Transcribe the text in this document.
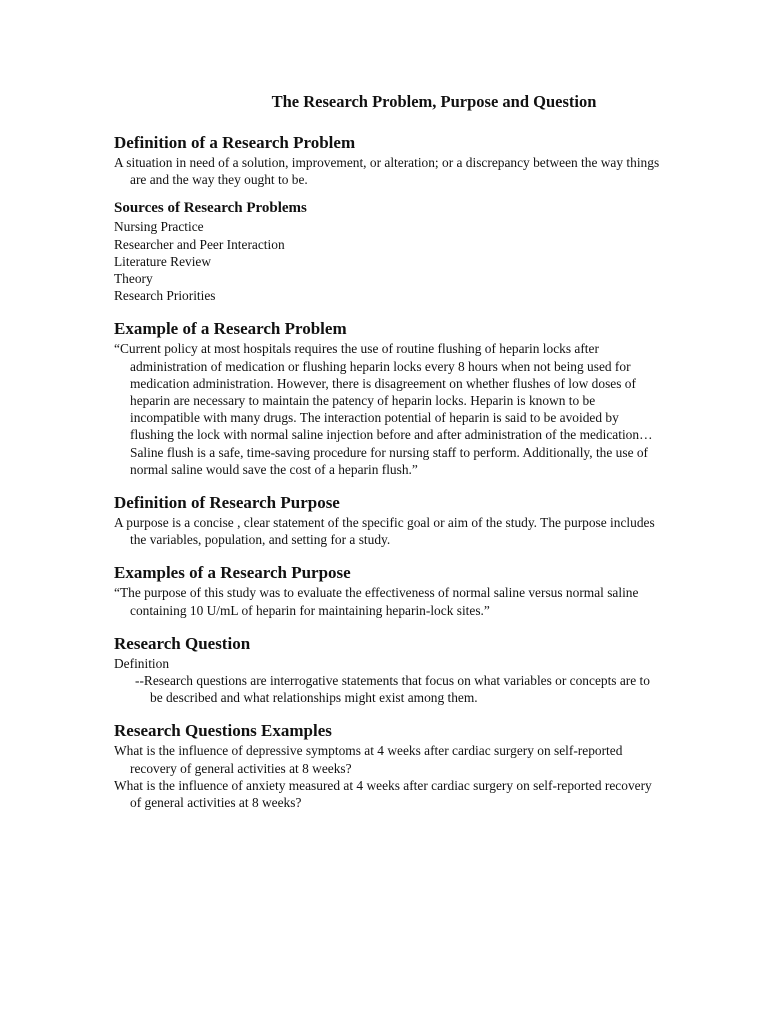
The Research Problem, Purpose and Question
Definition of a Research Problem

A situation in need of a solution, improvement, or alteration; or a discrepancy between the way things are and the way they ought to be.

Sources of Research Problems
Nursing Practice
Researcher and Peer Interaction
Literature Review
Theory
Research Priorities
Example of a Research Problem

“Current policy at most hospitals requires the use of routine flushing of heparin locks after administration of medication or flushing heparin locks every 8 hours when not being used for medication administration. However, there is disagreement on whether flushes of low doses of heparin are necessary to maintain the patency of heparin locks. Heparin is known to be incompatible with many drugs. The interaction potential of heparin is said to be avoided by flushing the lock with normal saline injection before and after administration of the medication…Saline flush is a safe, time-saving procedure for nursing staff to perform. Additionally, the use of normal saline would save the cost of a heparin flush.”

Definition of Research Purpose

A purpose is a concise , clear statement of the specific goal or aim of the study. The purpose includes the variables, population, and setting for a study.

Examples of a Research Purpose

“The purpose of this study was to evaluate the effectiveness of normal saline versus normal saline containing 10 U/mL of heparin for maintaining heparin-lock sites.”

Research Question

Definition

--Research questions are interrogative statements that focus on what variables or concepts are to be described and what relationships might exist among them.

Research Questions Examples

What is the influence of depressive symptoms at 4 weeks after cardiac surgery on self-reported recovery of general activities at 8 weeks?

What is the influence of anxiety measured at 4 weeks after cardiac surgery on self-reported recovery of general activities at 8 weeks?
